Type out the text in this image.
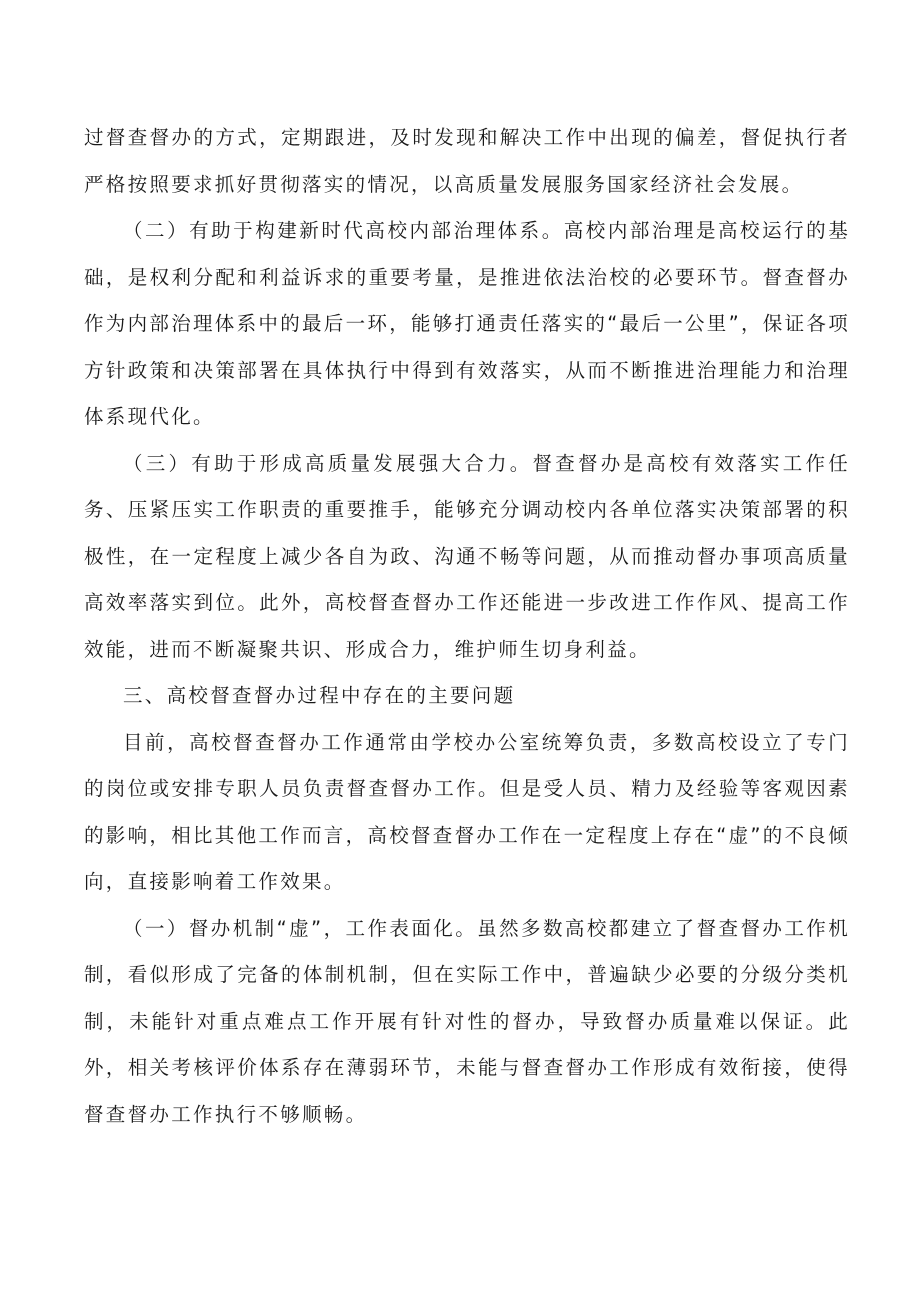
过督查督办的方式，定期跟进，及时发现和解决工作中出现的偏差，督促执行者严格按照要求抓好贯彻落实的情况，以高质量发展服务国家经济社会发展。

（二）有助于构建新时代高校内部治理体系。高校内部治理是高校运行的基础，是权利分配和利益诉求的重要考量，是推进依法治校的必要环节。督查督办作为内部治理体系中的最后一环，能够打通责任落实的“最后一公里”，保证各项方针政策和决策部署在具体执行中得到有效落实，从而不断推进治理能力和治理体系现代化。

（三）有助于形成高质量发展强大合力。督查督办是高校有效落实工作任务、压紧压实工作职责的重要推手，能够充分调动校内各单位落实决策部署的积极性，在一定程度上减少各自为政、沟通不畅等问题，从而推动督办事项高质量高效率落实到位。此外，高校督查督办工作还能进一步改进工作作风、提高工作效能，进而不断凝聚共识、形成合力，维护师生切身利益。

三、高校督查督办过程中存在的主要问题

目前，高校督查督办工作通常由学校办公室统筹负责，多数高校设立了专门的岗位或安排专职人员负责督查督办工作。但是受人员、精力及经验等客观因素的影响，相比其他工作而言，高校督查督办工作在一定程度上存在“虚”的不良倾向，直接影响着工作效果。

（一）督办机制“虚”，工作表面化。虽然多数高校都建立了督查督办工作机制，看似形成了完备的体制机制，但在实际工作中，普遍缺少必要的分级分类机制，未能针对重点难点工作开展有针对性的督办，导致督办质量难以保证。此外，相关考核评价体系存在薄弱环节，未能与督查督办工作形成有效衔接，使得督查督办工作执行不够顺畅。
